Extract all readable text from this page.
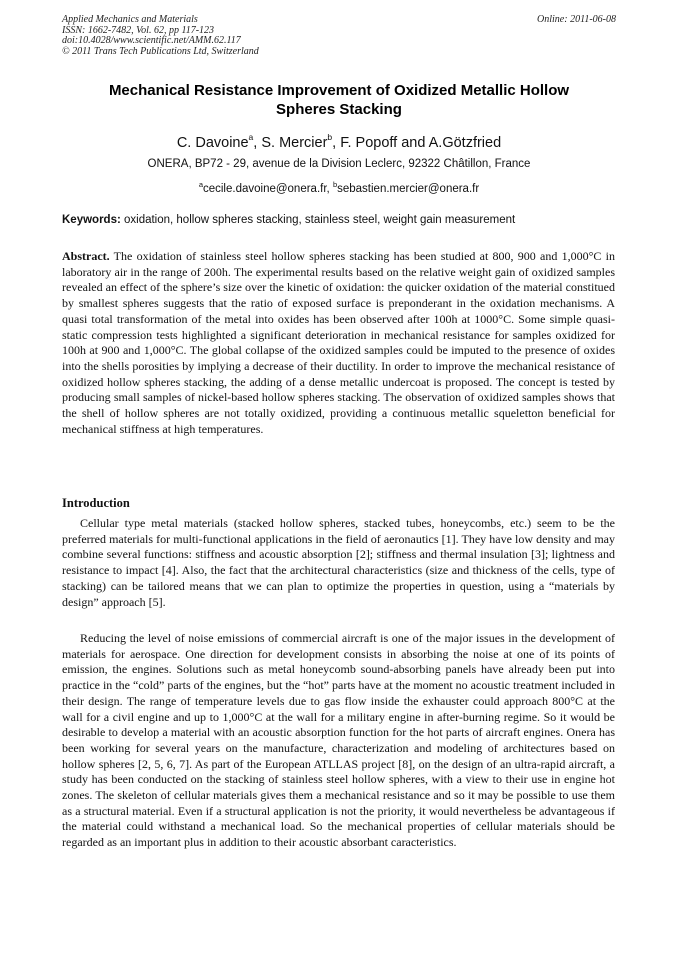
Applied Mechanics and Materials
ISSN: 1662-7482, Vol. 62, pp 117-123
doi:10.4028/www.scientific.net/AMM.62.117
© 2011 Trans Tech Publications Ltd, Switzerland
Online: 2011-06-08
Mechanical Resistance Improvement of Oxidized Metallic Hollow Spheres Stacking
C. Davoine$^a$, S. Mercier$^b$, F. Popoff and A.Götzfried
ONERA, BP72 - 29, avenue de la Division Leclerc, 92322 Châtillon, France
$^a$cecile.davoine@onera.fr, $^b$sebastien.mercier@onera.fr
Keywords: oxidation, hollow spheres stacking, stainless steel, weight gain measurement
Abstract. The oxidation of stainless steel hollow spheres stacking has been studied at 800, 900 and 1,000°C in laboratory air in the range of 200h. The experimental results based on the relative weight gain of oxidized samples revealed an effect of the sphere’s size over the kinetic of oxidation: the quicker oxidation of the material constitued by smallest spheres suggests that the ratio of exposed surface is preponderant in the oxidation mechanisms. A quasi total transformation of the metal into oxides has been observed after 100h at 1000°C. Some simple quasi-static compression tests highlighted a significant deterioration in mechanical resistance for samples oxidized for 100h at 900 and 1,000°C. The global collapse of the oxidized samples could be imputed to the presence of oxides into the shells porosities by implying a decrease of their ductility. In order to improve the mechanical resistance of oxidized hollow spheres stacking, the adding of a dense metallic undercoat is proposed. The concept is tested by producing small samples of nickel-based hollow spheres stacking. The observation of oxidized samples shows that the shell of hollow spheres are not totally oxidized, providing a continuous metallic squeletton beneficial for mechanical stiffness at high temperatures.
Introduction
Cellular type metal materials (stacked hollow spheres, stacked tubes, honeycombs, etc.) seem to be the preferred materials for multi-functional applications in the field of aeronautics [1]. They have low density and may combine several functions: stiffness and acoustic absorption [2]; stiffness and thermal insulation [3]; lightness and resistance to impact [4]. Also, the fact that the architectural characteristics (size and thickness of the cells, type of stacking) can be tailored means that we can plan to optimize the properties in question, using a “materials by design” approach [5].
Reducing the level of noise emissions of commercial aircraft is one of the major issues in the development of materials for aerospace. One direction for development consists in absorbing the noise at one of its points of emission, the engines. Solutions such as metal honeycomb sound-absorbing panels have already been put into practice in the “cold” parts of the engines, but the “hot” parts have at the moment no acoustic treatment included in their design. The range of temperature levels due to gas flow inside the exhauster could approach 800°C at the wall for a civil engine and up to 1,000°C at the wall for a military engine in after-burning regime. So it would be desirable to develop a material with an acoustic absorption function for the hot parts of aircraft engines. Onera has been working for several years on the manufacture, characterization and modeling of architectures based on hollow spheres [2, 5, 6, 7]. As part of the European ATLLAS project [8], on the design of an ultra-rapid aircraft, a study has been conducted on the stacking of stainless steel hollow spheres, with a view to their use in engine hot zones. The skeleton of cellular materials gives them a mechanical resistance and so it may be possible to use them as a structural material. Even if a structural application is not the priority, it would nevertheless be advantageous if the material could withstand a mechanical load. So the mechanical properties of cellular materials should be regarded as an important plus in addition to their acoustic absorbant caracteristics.
